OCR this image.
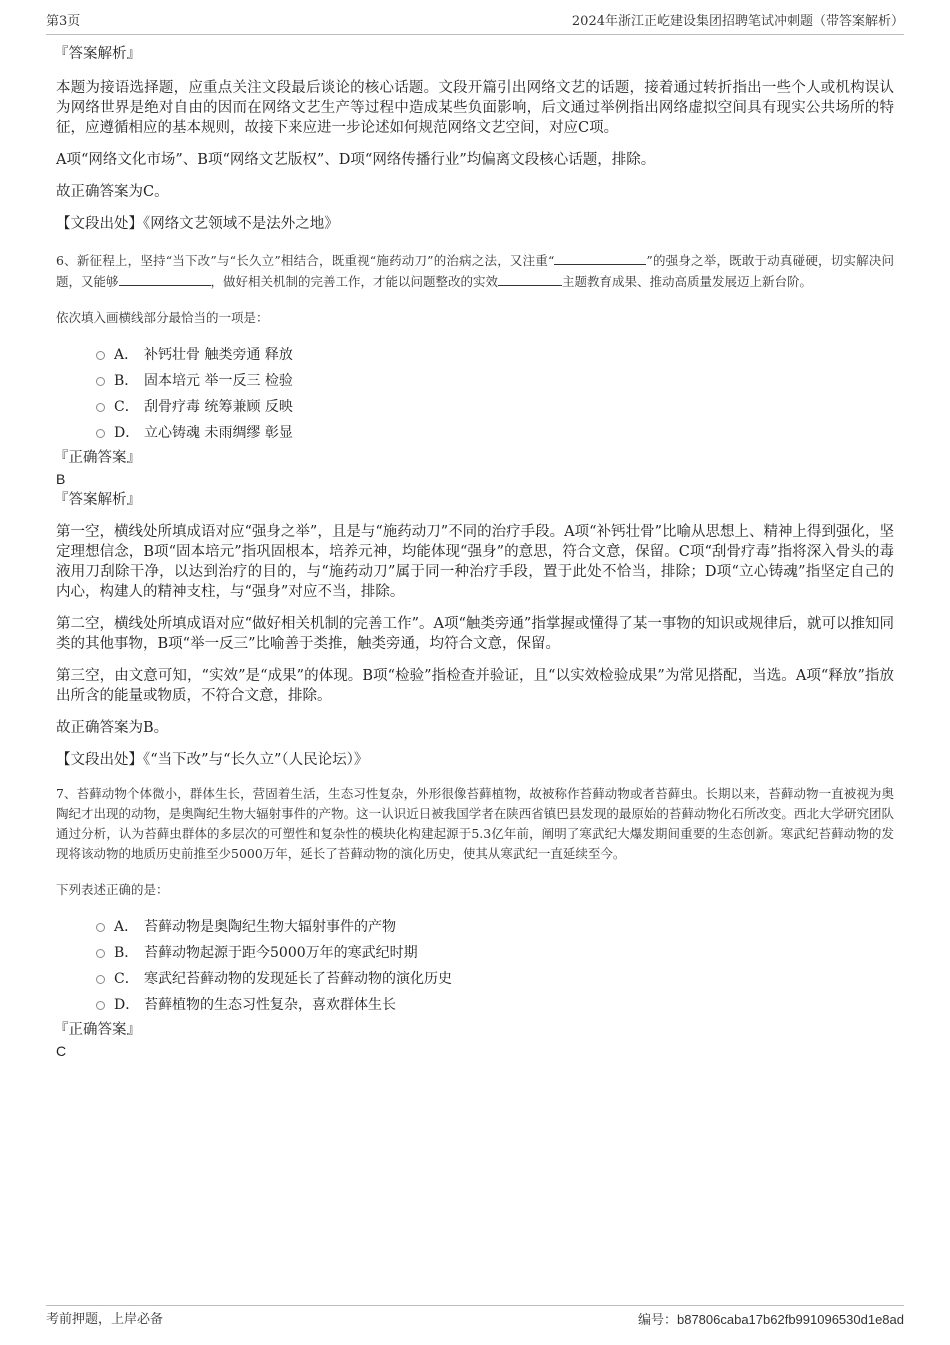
第3页	2024年浙江正屹建设集团招聘笔试冲刺题（带答案解析）

『答案解析』

本题为接语选择题，应重点关注文段最后谈论的核心话题。文段开篇引出网络文艺的话题，接着通过转折指出一些个人或机构误认为网络世界是绝对自由的因而在网络文艺生产等过程中造成某些负面影响，后文通过举例指出网络虚拟空间具有现实公共场所的特征，应遵循相应的基本规则，故接下来应进一步论述如何规范网络文艺空间，对应C项。

A项“网络文化市场”、B项“网络文艺版权”、D项“网络传播行业”均偏离文段核心话题，排除。

故正确答案为C。

【文段出处】《网络文艺领域不是法外之地》

6、新征程上，坚持“当下改”与“长久立”相结合，既重视“施药动刀”的治病之法，又注重“	”的强身之举，既敢于动真碰硬，切实解决问题，又能够	，做好相关机制的完善工作，才能以问题整改的实效	主题教育成果、推动高质量发展迈上新台阶。

依次填入画横线部分最恰当的一项是：

A． 补钙壮骨 触类旁通 释放
B． 固本培元 举一反三 检验
C． 刮骨疗毒 统筹兼顾 反映
D． 立心铸魂 未雨绸缪 彰显

『正确答案』

B

『答案解析』

第一空，横线处所填成语对应“强身之举”，且是与“施药动刀”不同的治疗手段。A项“补钙壮骨”比喻从思想上、精神上得到强化，坚定理想信念，B项“固本培元”指巩固根本，培养元神，均能体现“强身”的意思，符合文意，保留。C项“刮骨疗毒”指将深入骨头的毒液用刀刮除干净，以达到治疗的目的，与“施药动刀”属于同一种治疗手段，置于此处不恰当，排除；D项“立心铸魂”指坚定自己的内心，构建人的精神支柱，与“强身”对应不当，排除。

第二空，横线处所填成语对应“做好相关机制的完善工作”。A项“触类旁通”指掌握或懂得了某一事物的知识或规律后，就可以推知同类的其他事物，B项“举一反三”比喻善于类推，触类旁通，均符合文意，保留。

第三空，由文意可知，“实效”是“成果”的体现。B项“检验”指检查并验证，且“以实效检验成果”为常见搭配，当选。A项“释放”指放出所含的能量或物质，不符合文意，排除。

故正确答案为B。

【文段出处】《“当下改”与“长久立”（人民论坛）》

7、苔藓动物个体微小，群体生长，营固着生活，生态习性复杂，外形很像苔藓植物，故被称作苔藓动物或者苔藓虫。长期以来，苔藓动物一直被视为奥陶纪才出现的动物，是奥陶纪生物大辐射事件的产物。这一认识近日被我国学者在陕西省镇巴县发现的最原始的苔藓动物化石所改变。西北大学研究团队通过分析，认为苔藓虫群体的多层次的可塑性和复杂性的模块化构建起源于5.3亿年前，阐明了寒武纪大爆发期间重要的生态创新。寒武纪苔藓动物的发现将该动物的地质历史前推至少5000万年，延长了苔藓动物的演化历史，使其从寒武纪一直延续至今。

下列表述正确的是：

A． 苔藓动物是奥陶纪生物大辐射事件的产物
B． 苔藓动物起源于距今5000万年的寒武纪时期
C． 寒武纪苔藓动物的发现延长了苔藓动物的演化历史
D． 苔藓植物的生态习性复杂，喜欢群体生长

『正确答案』

C

考前押题，上岸必备	编号：b87806caba17b62fb991096530d1e8ad
